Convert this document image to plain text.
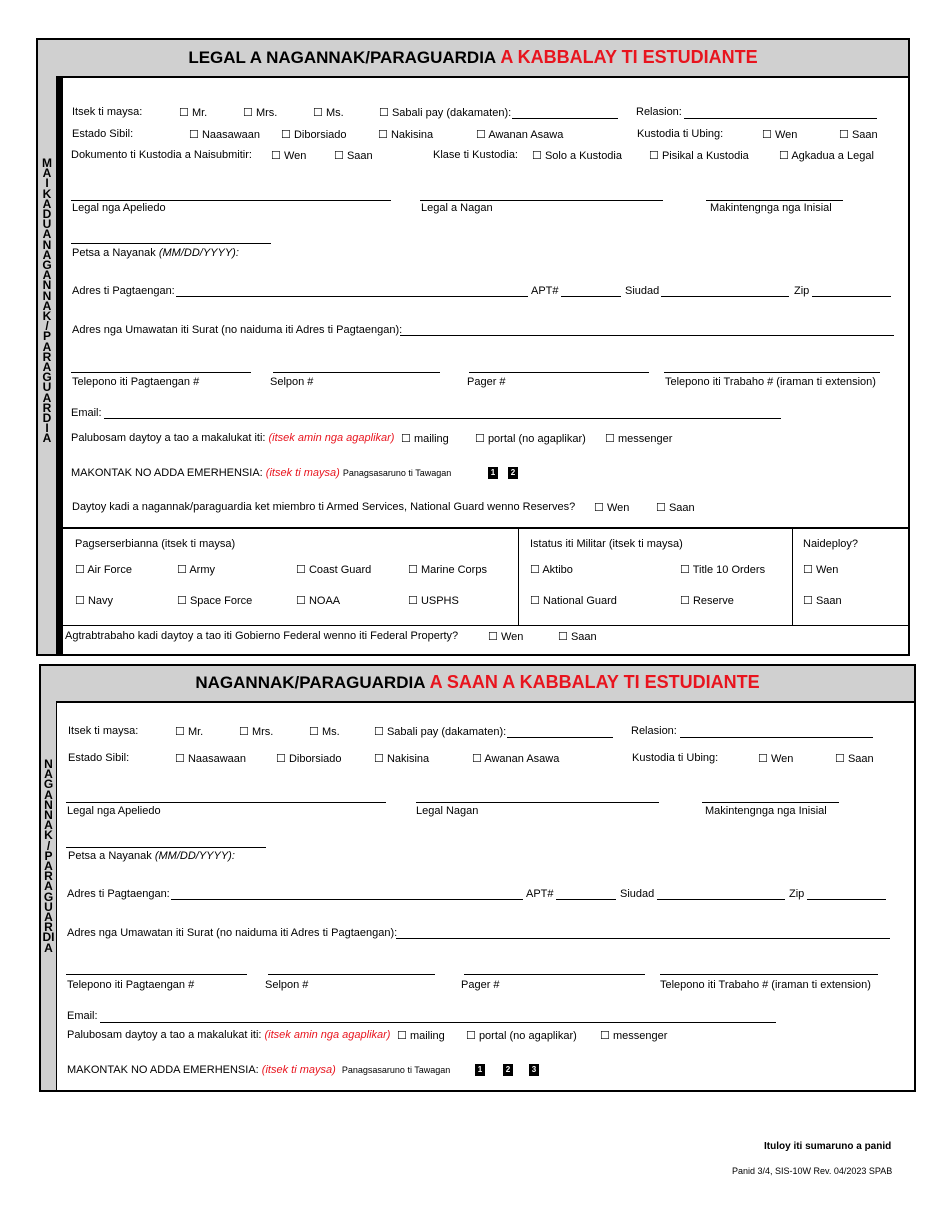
LEGAL A NAGANNAK/PARAGUARDIA A KABBALAY TI ESTUDIANTE
M
A
I
K
A
D
U
A
N
A
G
A
N
N
A
K
/
P
A
R
A
G
U
A
R
D
I
A
Itsek ti maysa:	☐ Mr.	☐ Mrs.	☐ Ms.	☐ Sabali pay (dakamaten):	Relasion:
Estado Sibil:	☐ Naasawaan ☐ Diborsiado	☐ Nakisina	☐ Awanan Asawa	Kustodia ti Ubing:	☐ Wen	☐ Saan
Dokumento ti Kustodia a Naisubmitir: ☐ Wen	☐ Saan	Klase ti Kustodia: ☐ Solo a Kustodia ☐ Pisikal a Kustodia	☐ Agkadua a Legal
Legal nga Apeliedo	Legal a Nagan	Makintengnga nga Inisial
Petsa a Nayanak (MM/DD/YYYY):
Adres ti Pagtaengan:	APT#	Siudad	Zip
Adres nga Umawatan iti Surat (no naiduma iti Adres ti Pagtaengan):
Telepono iti Pagtaengan #	Selpon #	Pager #	Telepono iti Trabaho # (iraman ti extension)
Email:
Palubosam daytoy a tao a makalukat iti: (itsek amin nga agaplikar) ☐ mailing ☐ portal (no agaplikar) ☐ messenger
MAKONTAK NO ADDA EMERHENSIA: (itsek ti maysa) Panagsasaruno ti Tawagan	1	2
Daytoy kadi a nagannak/paraguardia ket miembro ti Armed Services, National Guard wenno Reserves? ☐ Wen ☐ Saan
Pagserserbianna (itsek ti maysa)
☐ Air Force	☐ Army	☐ Coast Guard	☐ Marine Corps
☐ Navy	☐ Space Force	☐ NOAA	☐ USPHS
Istatus iti Militar (itsek ti maysa)
☐ Aktibo	☐ Title 10 Orders
☐ National Guard	☐ Reserve
Naideploy?
☐ Wen
☐ Saan
Agtrabtrabaho kadi daytoy a tao iti Gobierno Federal wenno iti Federal Property?	☐ Wen	☐ Saan
NAGANNAK/PARAGUARDIA A SAAN A KABBALAY TI ESTUDIANTE
N
A
G
A
N
N
A
K
/
P
A
R
A
G
U
A
R
DI
A
Itsek ti maysa:	☐ Mr.	☐ Mrs.	☐ Ms.	☐ Sabali pay (dakamaten):	Relasion:
Estado Sibil:	☐ Naasawaan	☐ Diborsiado	☐ Nakisina	☐ Awanan Asawa	Kustodia ti Ubing:	☐ Wen	☐ Saan
Legal nga Apeliedo	Legal Nagan	Makintengnga nga Inisial
Petsa a Nayanak (MM/DD/YYYY):
Adres ti Pagtaengan:	APT#	Siudad	Zip
Adres nga Umawatan iti Surat (no naiduma iti Adres ti Pagtaengan):
Telepono iti Pagtaengan #	Selpon #	Pager #	Telepono iti Trabaho # (iraman ti extension)
Email:
Palubosam daytoy a tao a makalukat iti: (itsek amin nga agaplikar) ☐ mailing ☐ portal (no agaplikar) ☐ messenger
MAKONTAK NO ADDA EMERHENSIA: (itsek ti maysa) Panagsasaruno ti Tawagan	1	2	3
Ituloy iti sumaruno a panid
Panid 3/4, SIS-10W Rev. 04/2023 SPAB
